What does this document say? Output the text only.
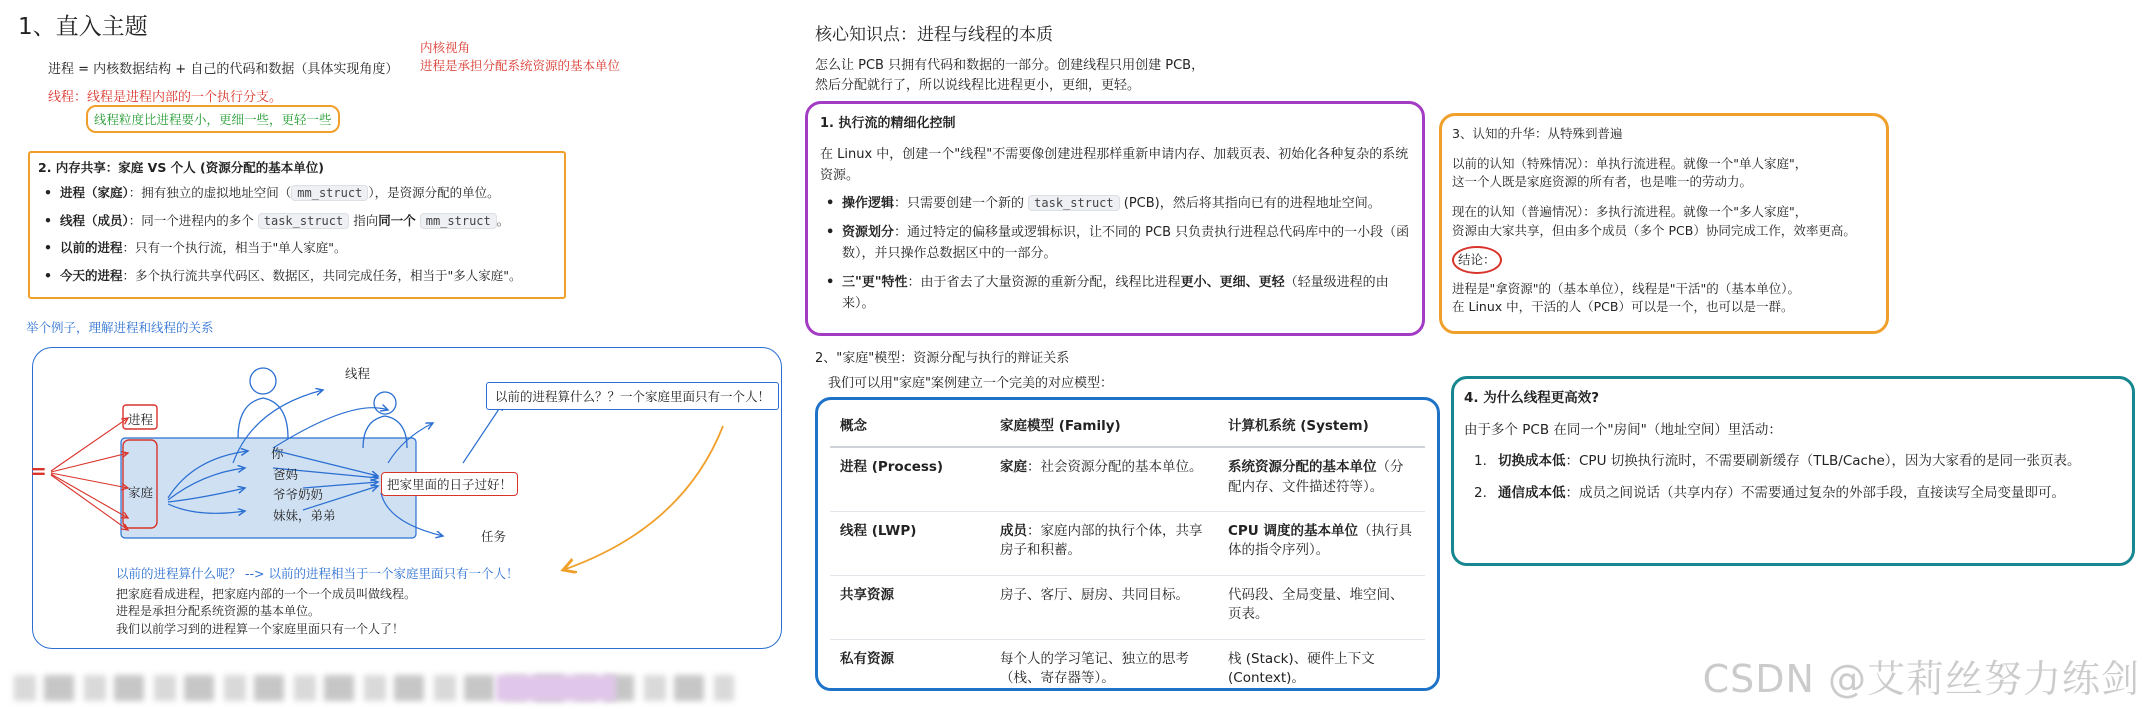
1、直入主题
进程 = 内核数据结构 + 自己的代码和数据（具体实现角度）
内核视角
进程是承担分配系统资源的基本单位
线程：线程是进程内部的一个执行分支。
线程粒度比进程要小，更细一些，更轻一些
2. 内存共享：家庭 VS 个人 (资源分配的基本单位)
• 进程（家庭）：拥有独立的虚拟地址空间（ mm_struct ），是资源分配的单位。
• 线程（成员）：同一个进程内的多个 task_struct 指向同一个 mm_struct 。
• 以前的进程：只有一个执行流，相当于"单人家庭"。
• 今天的进程：多个执行流共享代码区、数据区，共同完成任务，相当于"多人家庭"。
举个例子，理解进程和线程的关系
=
进程
家庭
线程
你
爸妈
爷爷奶奶
妹妹，弟弟
以前的进程算什么？？一个家庭里面只有一个人！
把家里面的日子过好！
任务
以前的进程算什么呢？ --> 以前的进程相当于一个家庭里面只有一个人！
把家庭看成进程，把家庭内部的一个一个成员叫做线程。
进程是承担分配系统资源的基本单位。
我们以前学习到的进程算一个家庭里面只有一个人了！
核心知识点：进程与线程的本质
怎么让 PCB 只拥有代码和数据的一部分。创建线程只用创建 PCB，
然后分配就行了，所以说线程比进程更小，更细，更轻。
1. 执行流的精细化控制
在 Linux 中，创建一个"线程"不需要像创建进程那样重新申请内存、加载页表、初始化各种复杂的系统资源。
• 操作逻辑：只需要创建一个新的 task_struct (PCB)，然后将其指向已有的进程地址空间。
• 资源划分：通过特定的偏移量或逻辑标识，让不同的 PCB 只负责执行进程总代码库中的一小段（函数），并只操作总数据区中的一部分。
• 三"更"特性：由于省去了大量资源的重新分配，线程比进程更小、更细、更轻（轻量级进程的由来）。
2、"家庭"模型：资源分配与执行的辩证关系
我们可以用"家庭"案例建立一个完美的对应模型：
概念	家庭模型 (Family)	计算机系统 (System)
进程 (Process)	家庭：社会资源分配的基本单位。	系统资源分配的基本单位（分配内存、文件描述符等）。
线程 (LWP)	成员：家庭内部的执行个体，共享房子和积蓄。	CPU 调度的基本单位（执行具体的指令序列）。
共享资源	房子、客厅、厨房、共同目标。	代码段、全局变量、堆空间、页表。
私有资源	每个人的学习笔记、独立的思考（栈、寄存器等）。	栈 (Stack)、硬件上下文 (Context)。
3、认知的升华：从特殊到普遍
以前的认知（特殊情况）：单执行流进程。就像一个"单人家庭"，
这一个人既是家庭资源的所有者，也是唯一的劳动力。
现在的认知（普遍情况）：多执行流进程。就像一个"多人家庭"，
资源由大家共享，但由多个成员（多个 PCB）协同完成工作，效率更高。
结论：
进程是"拿资源"的（基本单位），线程是"干活"的（基本单位）。
在 Linux 中，干活的人（PCB）可以是一个，也可以是一群。
4. 为什么线程更高效?
由于多个 PCB 在同一个"房间"（地址空间）里活动：
1. 切换成本低：CPU 切换执行流时，不需要刷新缓存（TLB/Cache），因为大家看的是同一张页表。
2. 通信成本低：成员之间说话（共享内存）不需要通过复杂的外部手段，直接读写全局变量即可。
CSDN @艾莉丝努力练剑
